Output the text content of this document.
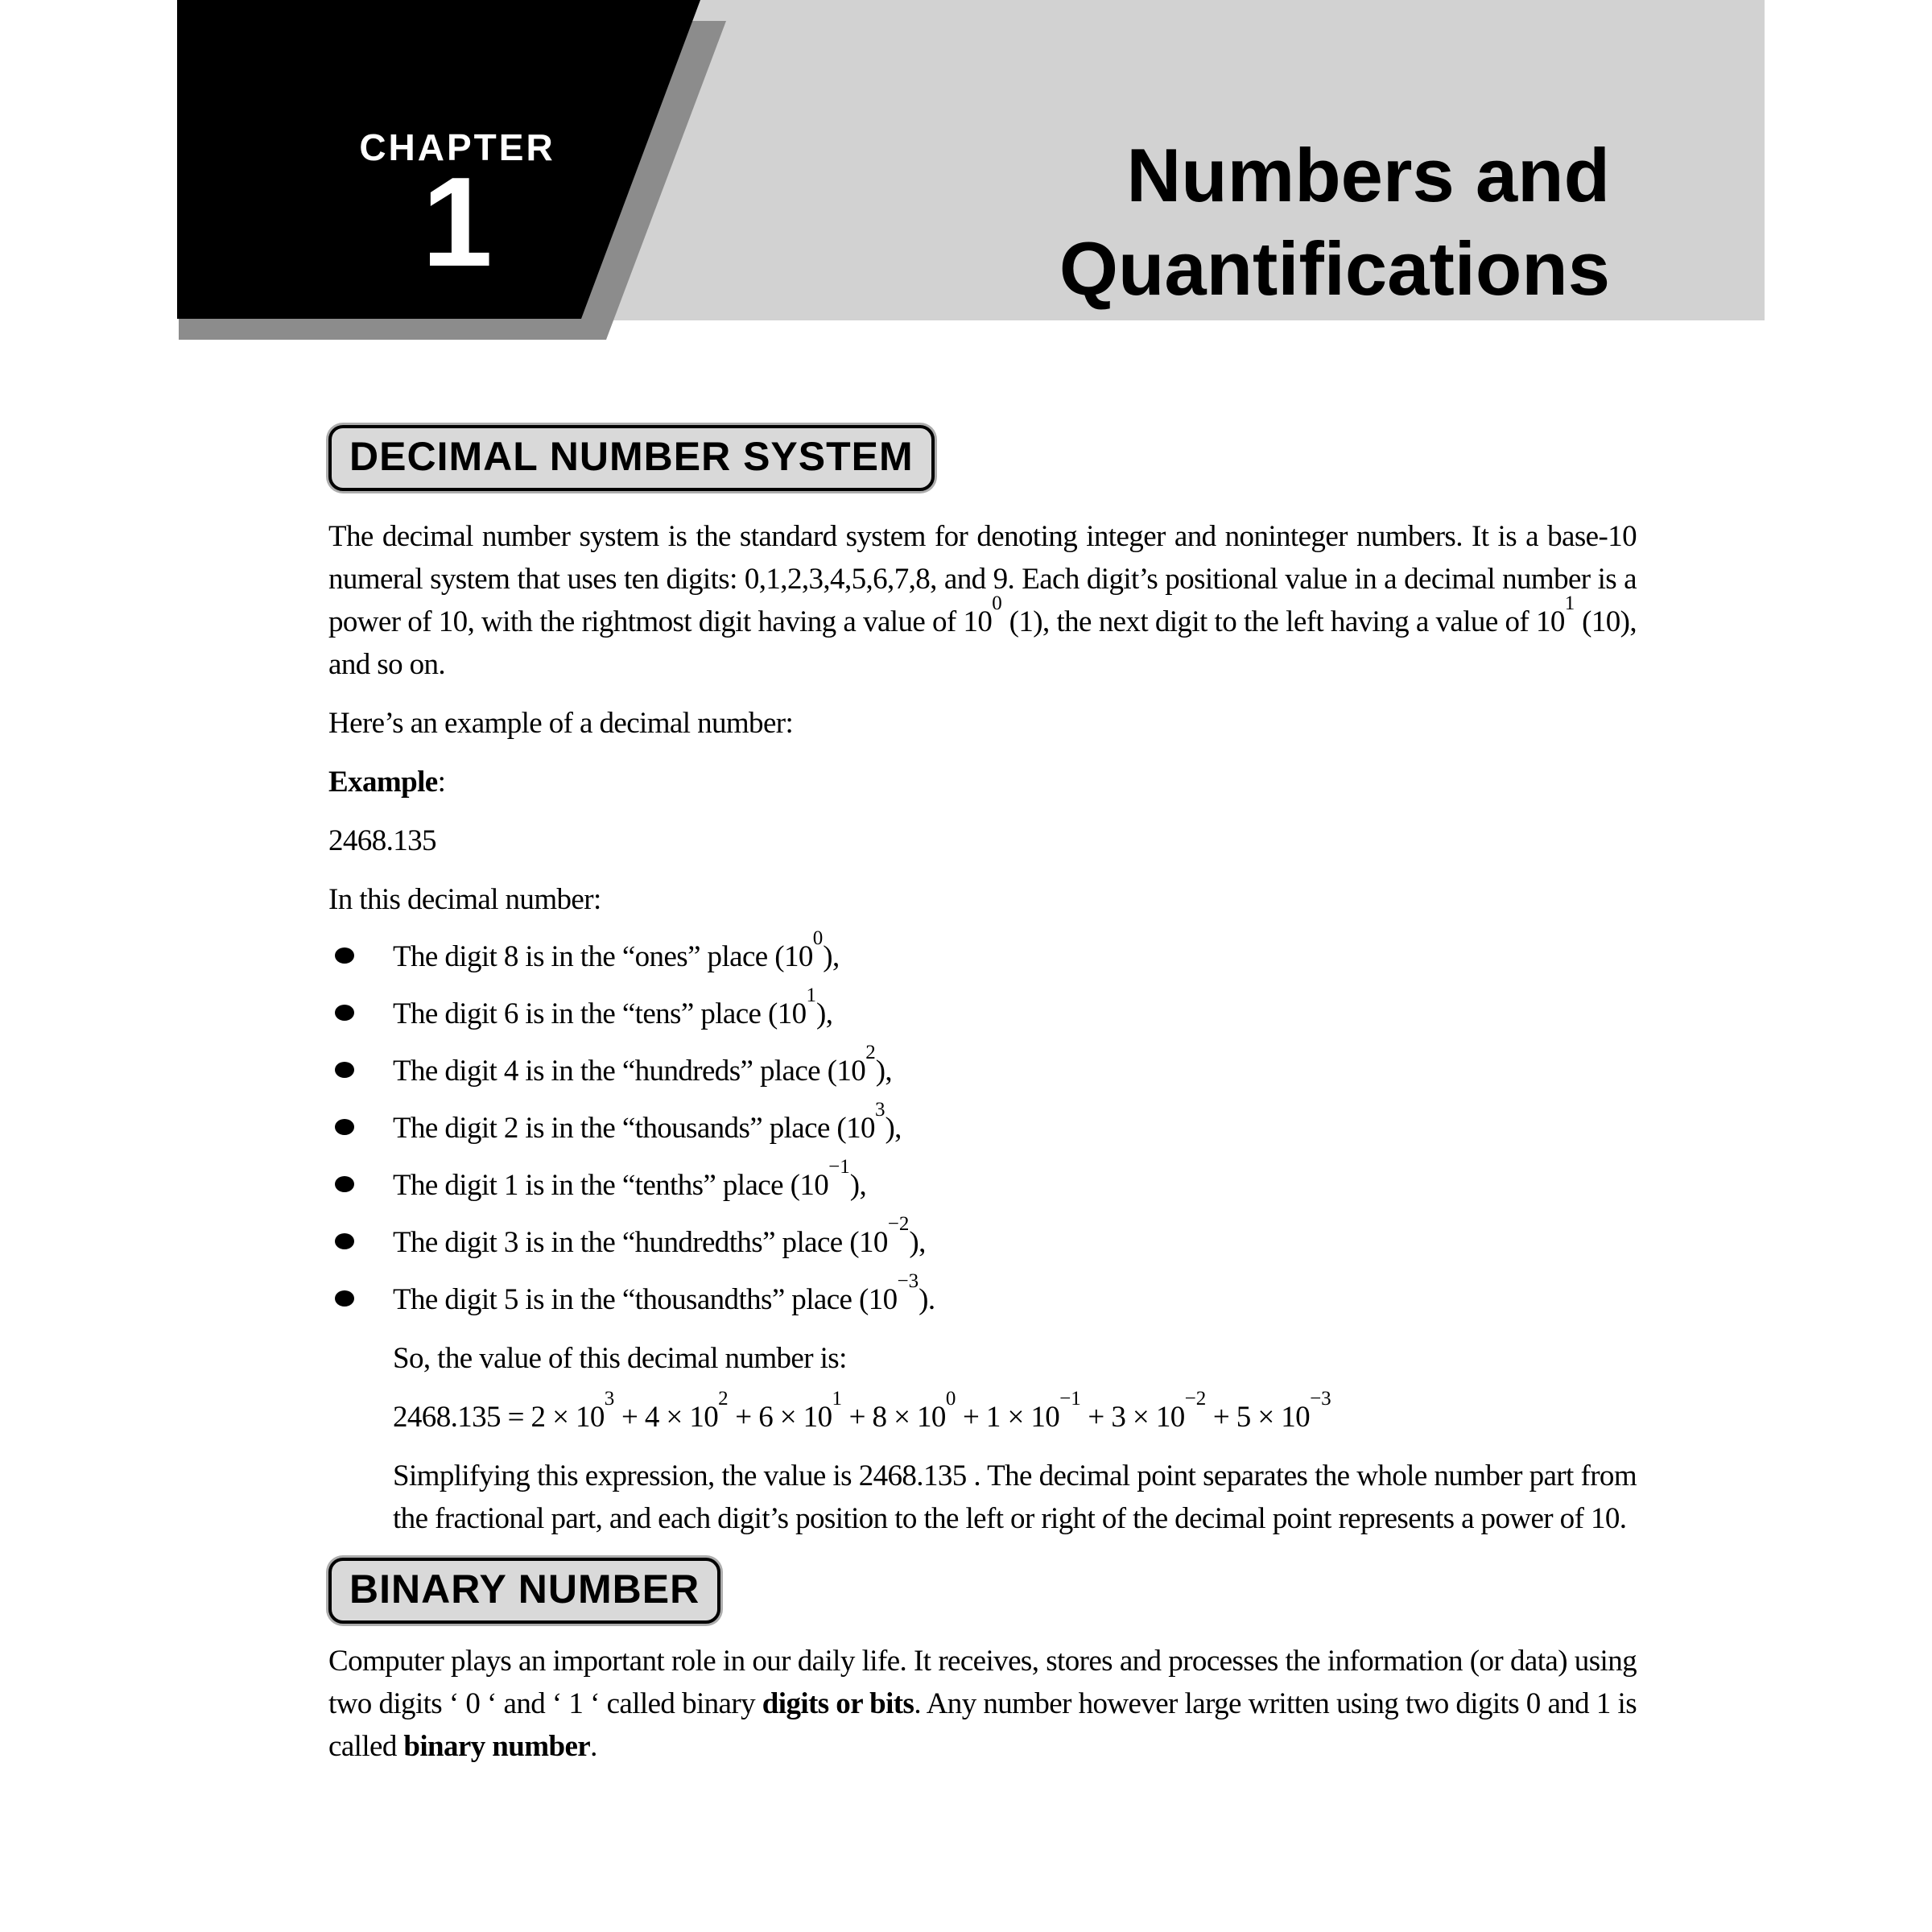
CHAPTER
1	Numbers and
Quantifications
DECIMAL NUMBER SYSTEM

The decimal number system is the standard system for denoting integer and noninteger numbers. It is a base-10 numeral system that uses ten digits: 0,1,2,3,4,5,6,7,8, and 9. Each digit’s positional value in a decimal number is a power of 10, with the rightmost digit having a value of $10^0$ (1), the next digit to the left having a value of $10^1$ (10), and so on.

Here’s an example of a decimal number:

Example:

2468.135

In this decimal number:

The digit 8 is in the “ones” place $(10^0)$,
The digit 6 is in the “tens” place $(10^1)$,
The digit 4 is in the “hundreds” place $(10^2)$,
The digit 2 is in the “thousands” place $(10^3)$,
The digit 1 is in the “tenths” place $(10^{-1})$,
The digit 3 is in the “hundredths” place $(10^{-2})$,
The digit 5 is in the “thousandths” place $(10^{-3})$.

So, the value of this decimal number is:

$2468.135 = 2 \times 10^3 + 4 \times 10^2 + 6 \times 10^1 + 8 \times 10^0 + 1 \times 10^{-1} + 3 \times 10^{-2} + 5 \times 10^{-3}$

Simplifying this expression, the value is 2468.135 . The decimal point separates the whole number part from the fractional part, and each digit’s position to the left or right of the decimal point represents a power of 10.

BINARY NUMBER

Computer plays an important role in our daily life. It receives, stores and processes the information (or data) using two digits ‘ 0 ‘ and ‘ 1 ‘ called binary digits or bits. Any number however large written using two digits 0 and 1 is called binary number.
